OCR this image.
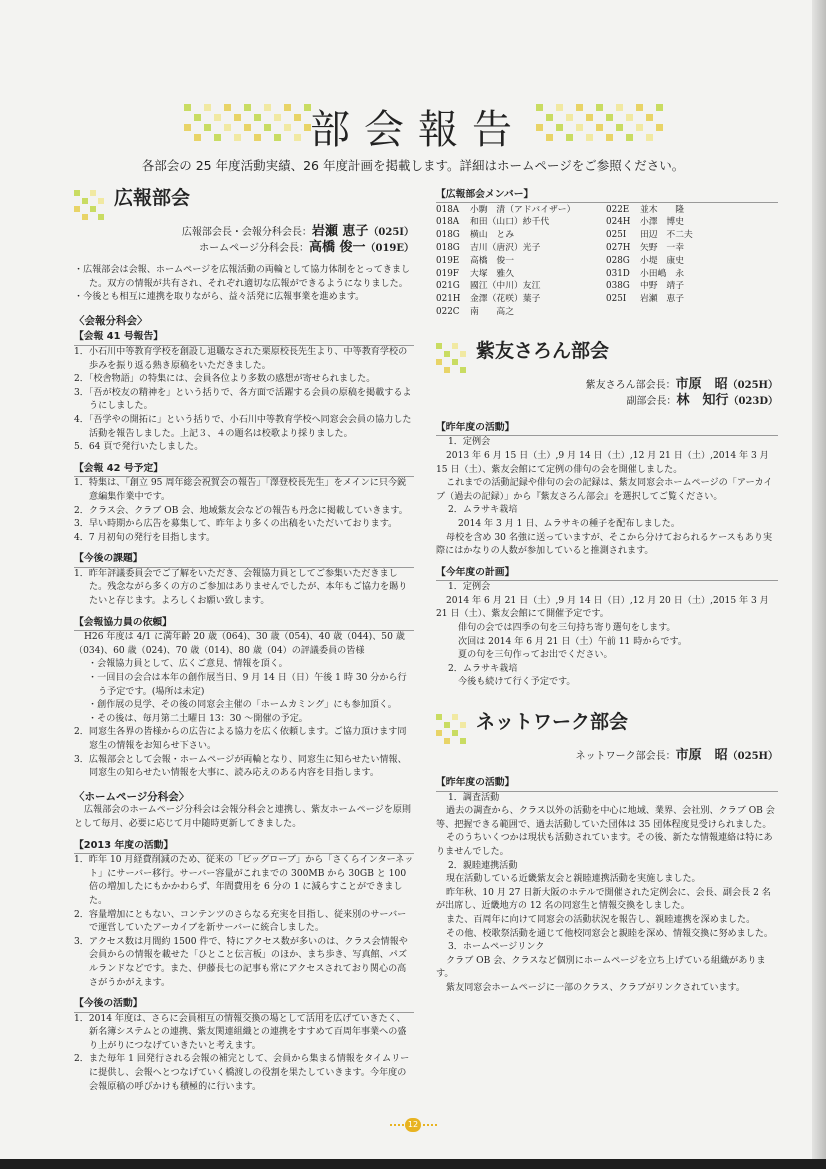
部会報告
各部会の 25 年度活動実績、26 年度計画を掲載します。詳細はホームページをご参照ください。
広報部会
広報部会長・会報分科会長：岩瀬 恵子（025I）
ホームページ分科会長：高橋 俊一（019E）
・広報部会は会報、ホームページを広報活動の両輪として協力体制をとってきました。双方の情報が共有され、それぞれ適切な広報ができるようになりました。
・今後とも相互に連携を取りながら、益々活発に広報事業を進めます。
〈会報分科会〉
【会報 41 号報告】
1．小石川中等教育学校を創設し退職なされた栗原校長先生より、中等教育学校の歩みを振り返る熱き原稿をいただきました。
2．「校舎物語」の特集には、会員各位より多数の感想が寄せられました。
3．「吾が校友の精神を」という括りで、各方面で活躍する会員の原稿を掲載するようにしました。
4．「吾学やの開拓に」という括りで、小石川中等教育学校へ同窓会会員の協力した活動を報告しました。上記３、４の題名は校歌より採りました。
5．64 頁で発行いたしました。
【会報 42 号予定】
1．特集は、「創立 95 周年総会祝賀会の報告」「澤登校長先生」をメインに只今鋭意編集作業中です。
2．クラス会、クラブ OB 会、地域紫友会などの報告も丹念に掲載していきます。
3．早い時期から広告を募集して、昨年より多くの出稿をいただいております。
4．7 月初旬の発行を目指します。
【今後の課題】
1．昨年評議委員会でご了解をいただき、会報協力員としてご参集いただきました。残念ながら多くの方のご参加はありませんでしたが、本年もご協力を賜りたいと存じます。よろしくお願い致します。
【会報協力員の依頼】
H26 年度は 4/1 に満年齢 20 歳（064)、30 歳（054)、40 歳（044)、50 歳（034)、60 歳（024)、70 歳（014)、80 歳（04）の評議委員の皆様
・会報協力員として、広くご意見、情報を頂く。
・一回目の会合は本年の創作展当日、9 月 14 日（日）午後 1 時 30 分から行う予定です。(場所は未定)
・創作展の見学、その後の同窓会主催の「ホームカミング」にも参加頂く。
・その後は、毎月第二土曜日 13：30 ～開催の予定。
2．同窓生各界の皆様からの広告による協力を広く依頼します。ご協力頂けます同窓生の情報をお知らせ下さい。
3．広報部会として会報・ホームページが両輪となり、同窓生に知らせたい情報、同窓生の知らせたい情報を大事に、読み応えのある内容を目指します。
〈ホームページ分科会〉
広報部会のホームページ分科会は会報分科会と連携し、紫友ホームページを原則として毎月、必要に応じて月中随時更新してきました。
【2013 年度の活動】
1．昨年 10 月経費削減のため、従来の「ビッグローブ」から「さくらインターネット」にサーバー移行。サーバー容量がこれまでの 300MB から 30GB と 100 倍の増加したにもかかわらず、年間費用を 6 分の 1 に減らすことができました。
2．容量増加にともない、コンテンツのさらなる充実を目指し、従来別のサーバーで運営していたアーカイブを新サーバーに統合しました。
3．アクセス数は月間約 1500 件で、特にアクセス数が多いのは、クラス会情報や会員からの情報を載せた「ひとこと伝言板」のほか、まち歩き、写真館、パズルランドなどです。また、伊藤長七の記事も常にアクセスされており関心の高さがうかがえます。
【今後の活動】
1．2014 年度は、さらに会員相互の情報交換の場として活用を広げていきたく、新名簿システムとの連携、紫友関連組織との連携をすすめて百周年事業への盛り上がりにつなげていきたいと考えます。
2．また毎年 1 回発行される会報の補完として、会員から集まる情報をタイムリーに提供し、会報へとつなげていく橋渡しの役割を果たしていきます。今年度の会報原稿の呼びかけも積極的に行います。
【広報部会メンバー】
018A	小駒　清（アドバイザー）
018A	和田（山口）紗千代
018G	横山　とみ
018G	吉川（唐沢）光子
019E	高橋　俊一
019F	大塚　雅久
021G	國江（中川）友江
021H	金澤（花咲）葉子
022C	南　　高之
022E	並木　　隆
024H	小澤　博史
025I	田辺　不二夫
027H	矢野　一幸
028G	小堤　康史
031D	小田嶋　永
038G	中野　靖子
025I	岩瀬　恵子
紫友さろん部会
紫友さろん部会長：市原　昭（025H）
副部会長：林　知行（023D）
【昨年度の活動】
1．定例会
2013 年 6 月 15 日（土）,9 月 14 日（土）,12 月 21 日（土）,2014 年 3 月 15 日（土）、紫友会館にて定例の俳句の会を開催しました。
これまでの活動記録や俳句の会の記録は、紫友同窓会ホームページの「アーカイブ（過去の記録）」から『紫友さろん部会』を選択してご覧ください。
2．ムラサキ栽培
2014 年 3 月 1 日、ムラサキの種子を配布しました。
母校を含め 30 名強に送っていますが、そこから分けておられるケースもあり実際にはかなりの人数が参加していると推測されます。
【今年度の計画】
1．定例会
2014 年 6 月 21 日（土）,9 月 14 日（日）,12 月 20 日（土）,2015 年 3 月 21 日（土）、紫友会館にて開催予定です。
俳句の会では四季の句を三句持ち寄り選句をします。
次回は 2014 年 6 月 21 日（土）午前 11 時からです。
夏の句を三句作ってお出でください。
2．ムラサキ栽培
今後も続けて行く予定です。
ネットワーク部会
ネットワーク部会長：市原　昭（025H）
【昨年度の活動】
1．調査活動
過去の調査から、クラス以外の活動を中心に地域、業界、会社別、クラブ OB 会等、把握できる範囲で、過去活動していた団体は 35 団体程度見受けられました。
そのうちいくつかは現状も活動されています。その後、新たな情報連絡は特にありませんでした。
2．親睦連携活動
現在活動している近畿紫友会と親睦連携活動を実施しました。
昨年秋、10 月 27 日新大阪のホテルで開催された定例会に、会長、副会長 2 名が出席し、近畿地方の 12 名の同窓生と情報交換をしました。
また、百周年に向けて同窓会の活動状況を報告し、親睦連携を深めました。
その他、校歌祭活動を通じて他校同窓会と親睦を深め、情報交換に努めました。
3．ホームページリンク
クラブ OB 会、クラスなど個別にホームページを立ち上げている組織があります。
紫友同窓会ホームページに一部のクラス、クラブがリンクされています。
12
